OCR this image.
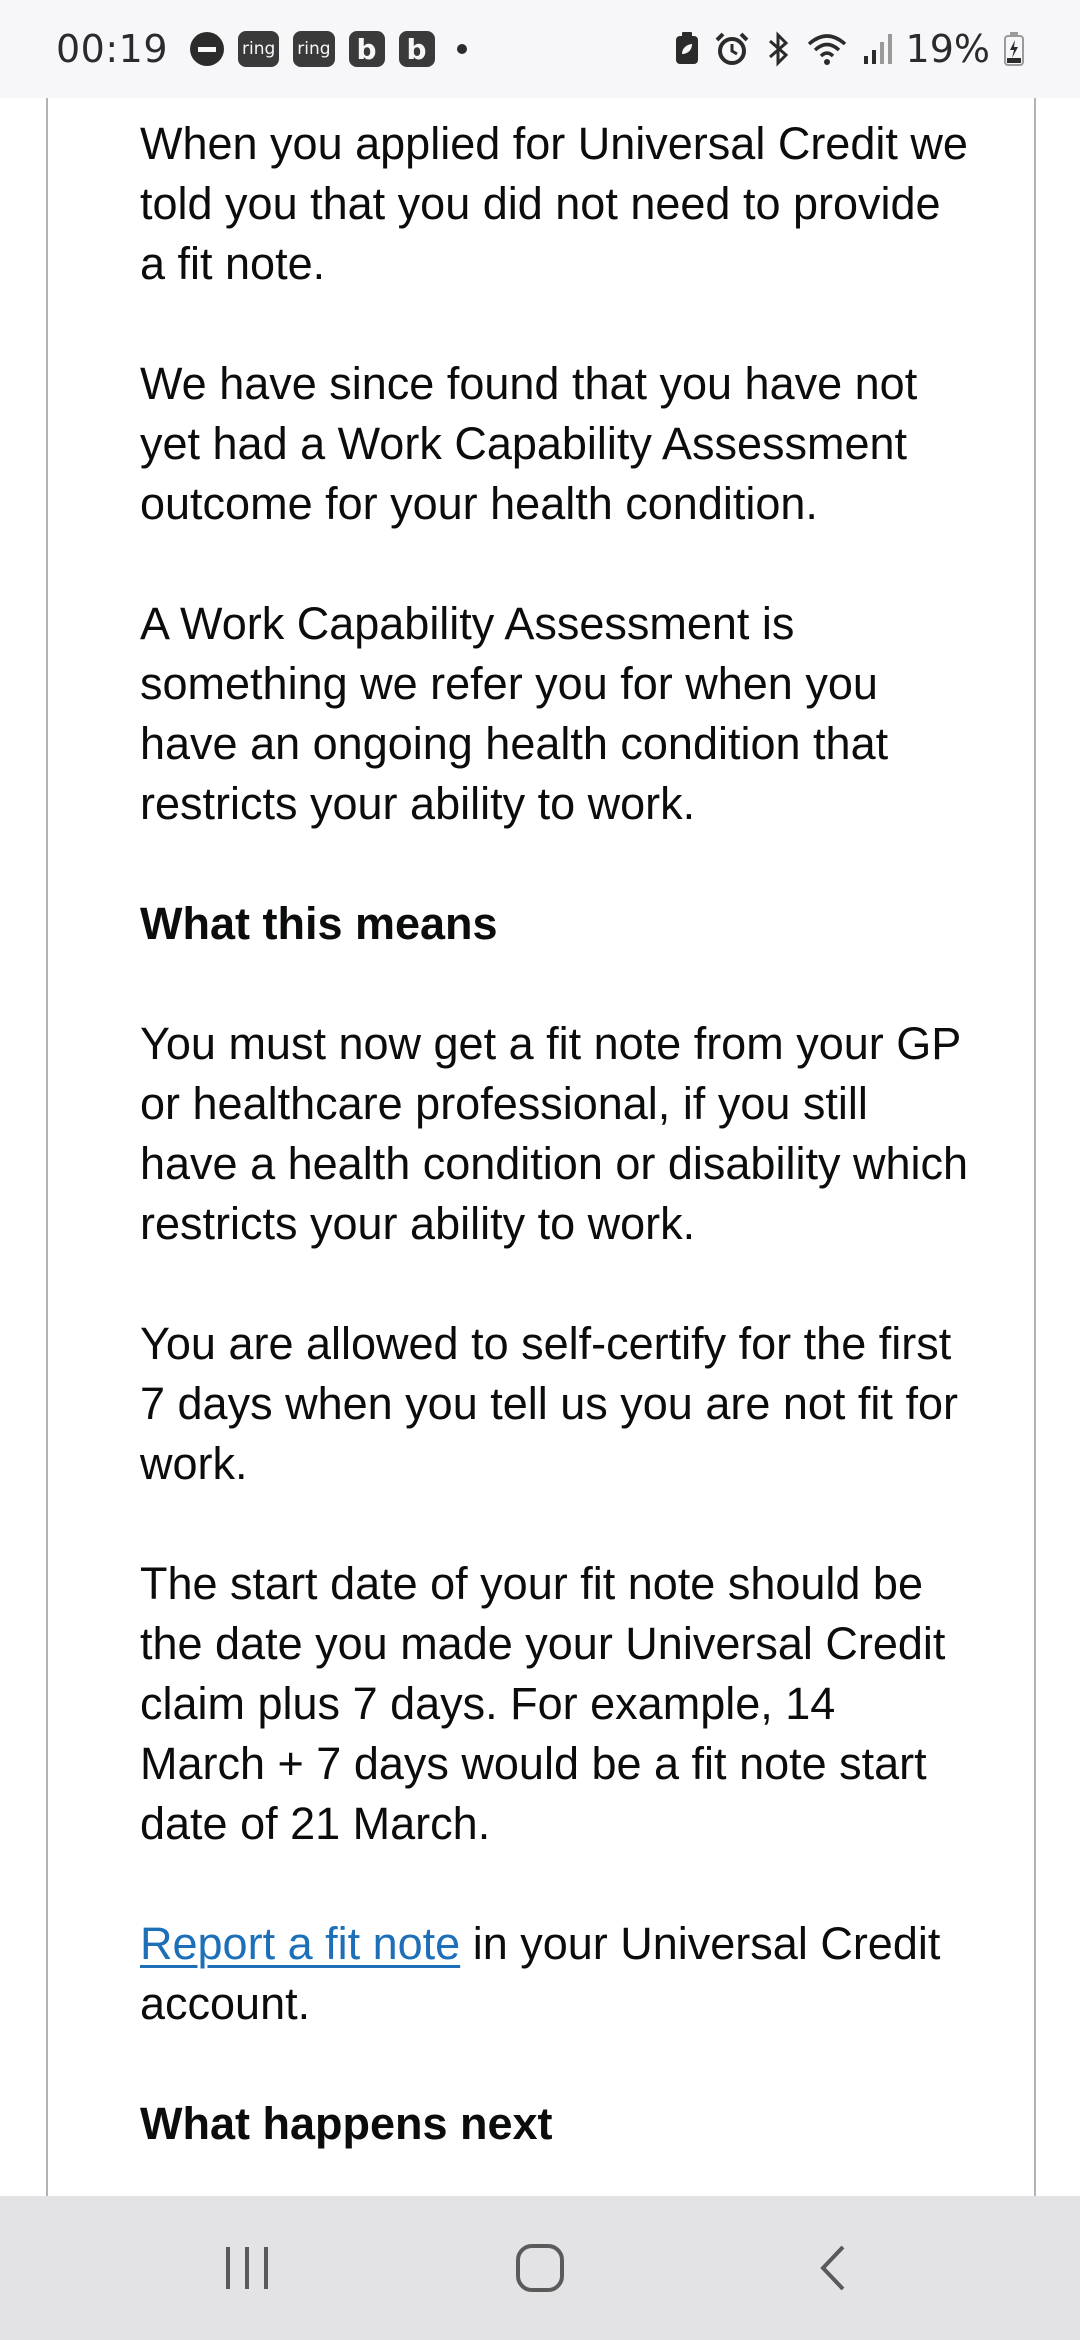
00:19	ring ring b b	19%

When you applied for Universal Credit we told you that you did not need to provide a fit note.

We have since found that you have not yet had a Work Capability Assessment outcome for your health condition.

A Work Capability Assessment is something we refer you for when you have an ongoing health condition that restricts your ability to work.

What this means

You must now get a fit note from your GP or healthcare professional, if you still have a health condition or disability which restricts your ability to work.

You are allowed to self-certify for the first 7 days when you tell us you are not fit for work.

The start date of your fit note should be the date you made your Universal Credit claim plus 7 days. For example, 14 March + 7 days would be a fit note start date of 21 March.

Report a fit note in your Universal Credit account.

What happens next
